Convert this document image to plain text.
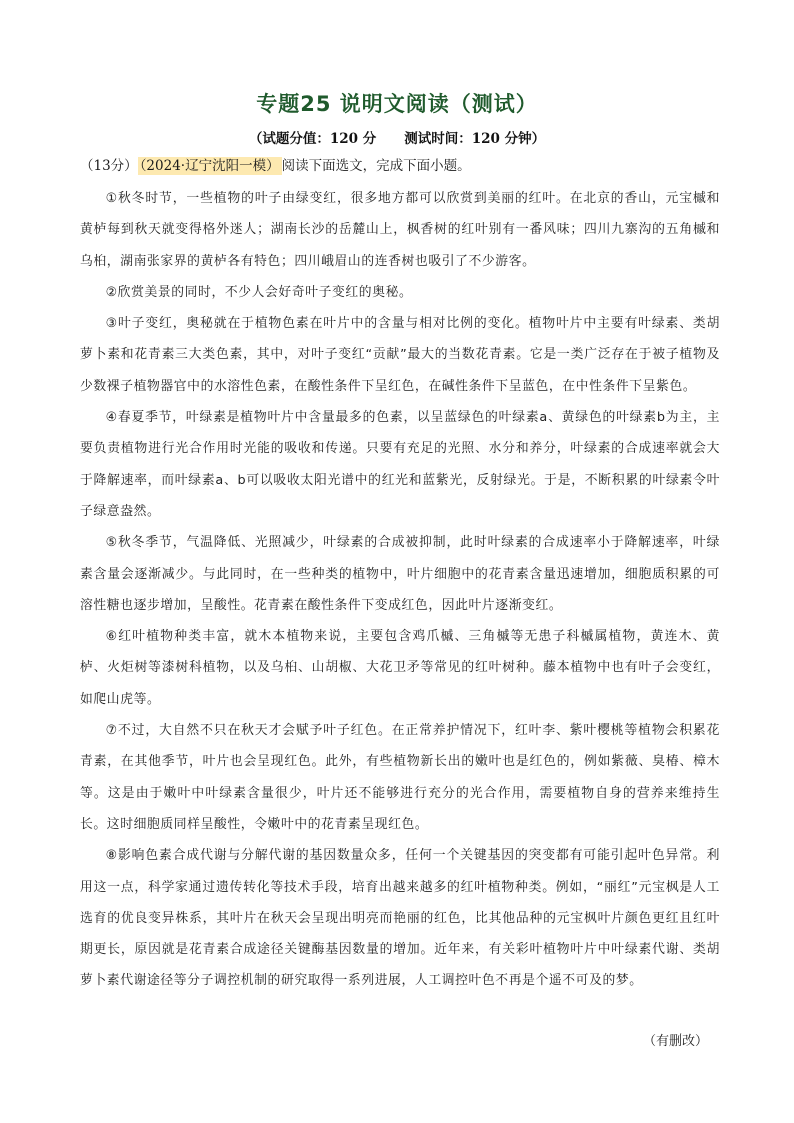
专题25 说明文阅读（测试）
（试题分值：120 分 测试时间：120 分钟）
（13分） （2024·辽宁沈阳一模） 阅读下面选文，完成下面小题。

①秋冬时节，一些植物的叶子由绿变红，很多地方都可以欣赏到美丽的红叶。在北京的香山，元宝槭和黄栌每到秋天就变得格外迷人；湖南长沙的岳麓山上，枫香树的红叶别有一番风味；四川九寨沟的五角槭和乌桕，湖南张家界的黄栌各有特色；四川峨眉山的连香树也吸引了不少游客。

②欣赏美景的同时，不少人会好奇叶子变红的奥秘。

③叶子变红，奥秘就在于植物色素在叶片中的含量与相对比例的变化。植物叶片中主要有叶绿素、类胡萝卜素和花青素三大类色素，其中，对叶子变红“贡献”最大的当数花青素。它是一类广泛存在于被子植物及少数裸子植物器官中的水溶性色素，在酸性条件下呈红色，在碱性条件下呈蓝色，在中性条件下呈紫色。

④春夏季节，叶绿素是植物叶片中含量最多的色素，以呈蓝绿色的叶绿素a、黄绿色的叶绿素b为主，主要负责植物进行光合作用时光能的吸收和传递。只要有充足的光照、水分和养分，叶绿素的合成速率就会大于降解速率，而叶绿素a、b可以吸收太阳光谱中的红光和蓝紫光，反射绿光。于是，不断积累的叶绿素令叶子绿意盎然。

⑤秋冬季节，气温降低、光照减少，叶绿素的合成被抑制，此时叶绿素的合成速率小于降解速率，叶绿素含量会逐渐减少。与此同时，在一些种类的植物中，叶片细胞中的花青素含量迅速增加，细胞质积累的可溶性糖也逐步增加，呈酸性。花青素在酸性条件下变成红色，因此叶片逐渐变红。

⑥红叶植物种类丰富，就木本植物来说，主要包含鸡爪槭、三角槭等无患子科槭属植物，黄连木、黄栌、火炬树等漆树科植物，以及乌桕、山胡椒、大花卫矛等常见的红叶树种。藤本植物中也有叶子会变红，如爬山虎等。

⑦不过，大自然不只在秋天才会赋予叶子红色。在正常养护情况下，红叶李、紫叶樱桃等植物会积累花青素，在其他季节，叶片也会呈现红色。此外，有些植物新长出的嫩叶也是红色的，例如紫薇、臭椿、樟木等。这是由于嫩叶中叶绿素含量很少，叶片还不能够进行充分的光合作用，需要植物自身的营养来维持生长。这时细胞质同样呈酸性，令嫩叶中的花青素呈现红色。

⑧影响色素合成代谢与分解代谢的基因数量众多，任何一个关键基因的突变都有可能引起叶色异常。利用这一点，科学家通过遗传转化等技术手段，培育出越来越多的红叶植物种类。例如，“丽红”元宝枫是人工选育的优良变异株系，其叶片在秋天会呈现出明亮而艳丽的红色，比其他品种的元宝枫叶片颜色更红且红叶期更长，原因就是花青素合成途径关键酶基因数量的增加。近年来，有关彩叶植物叶片中叶绿素代谢、类胡萝卜素代谢途径等分子调控机制的研究取得一系列进展，人工调控叶色不再是个遥不可及的梦。

（有删改）
